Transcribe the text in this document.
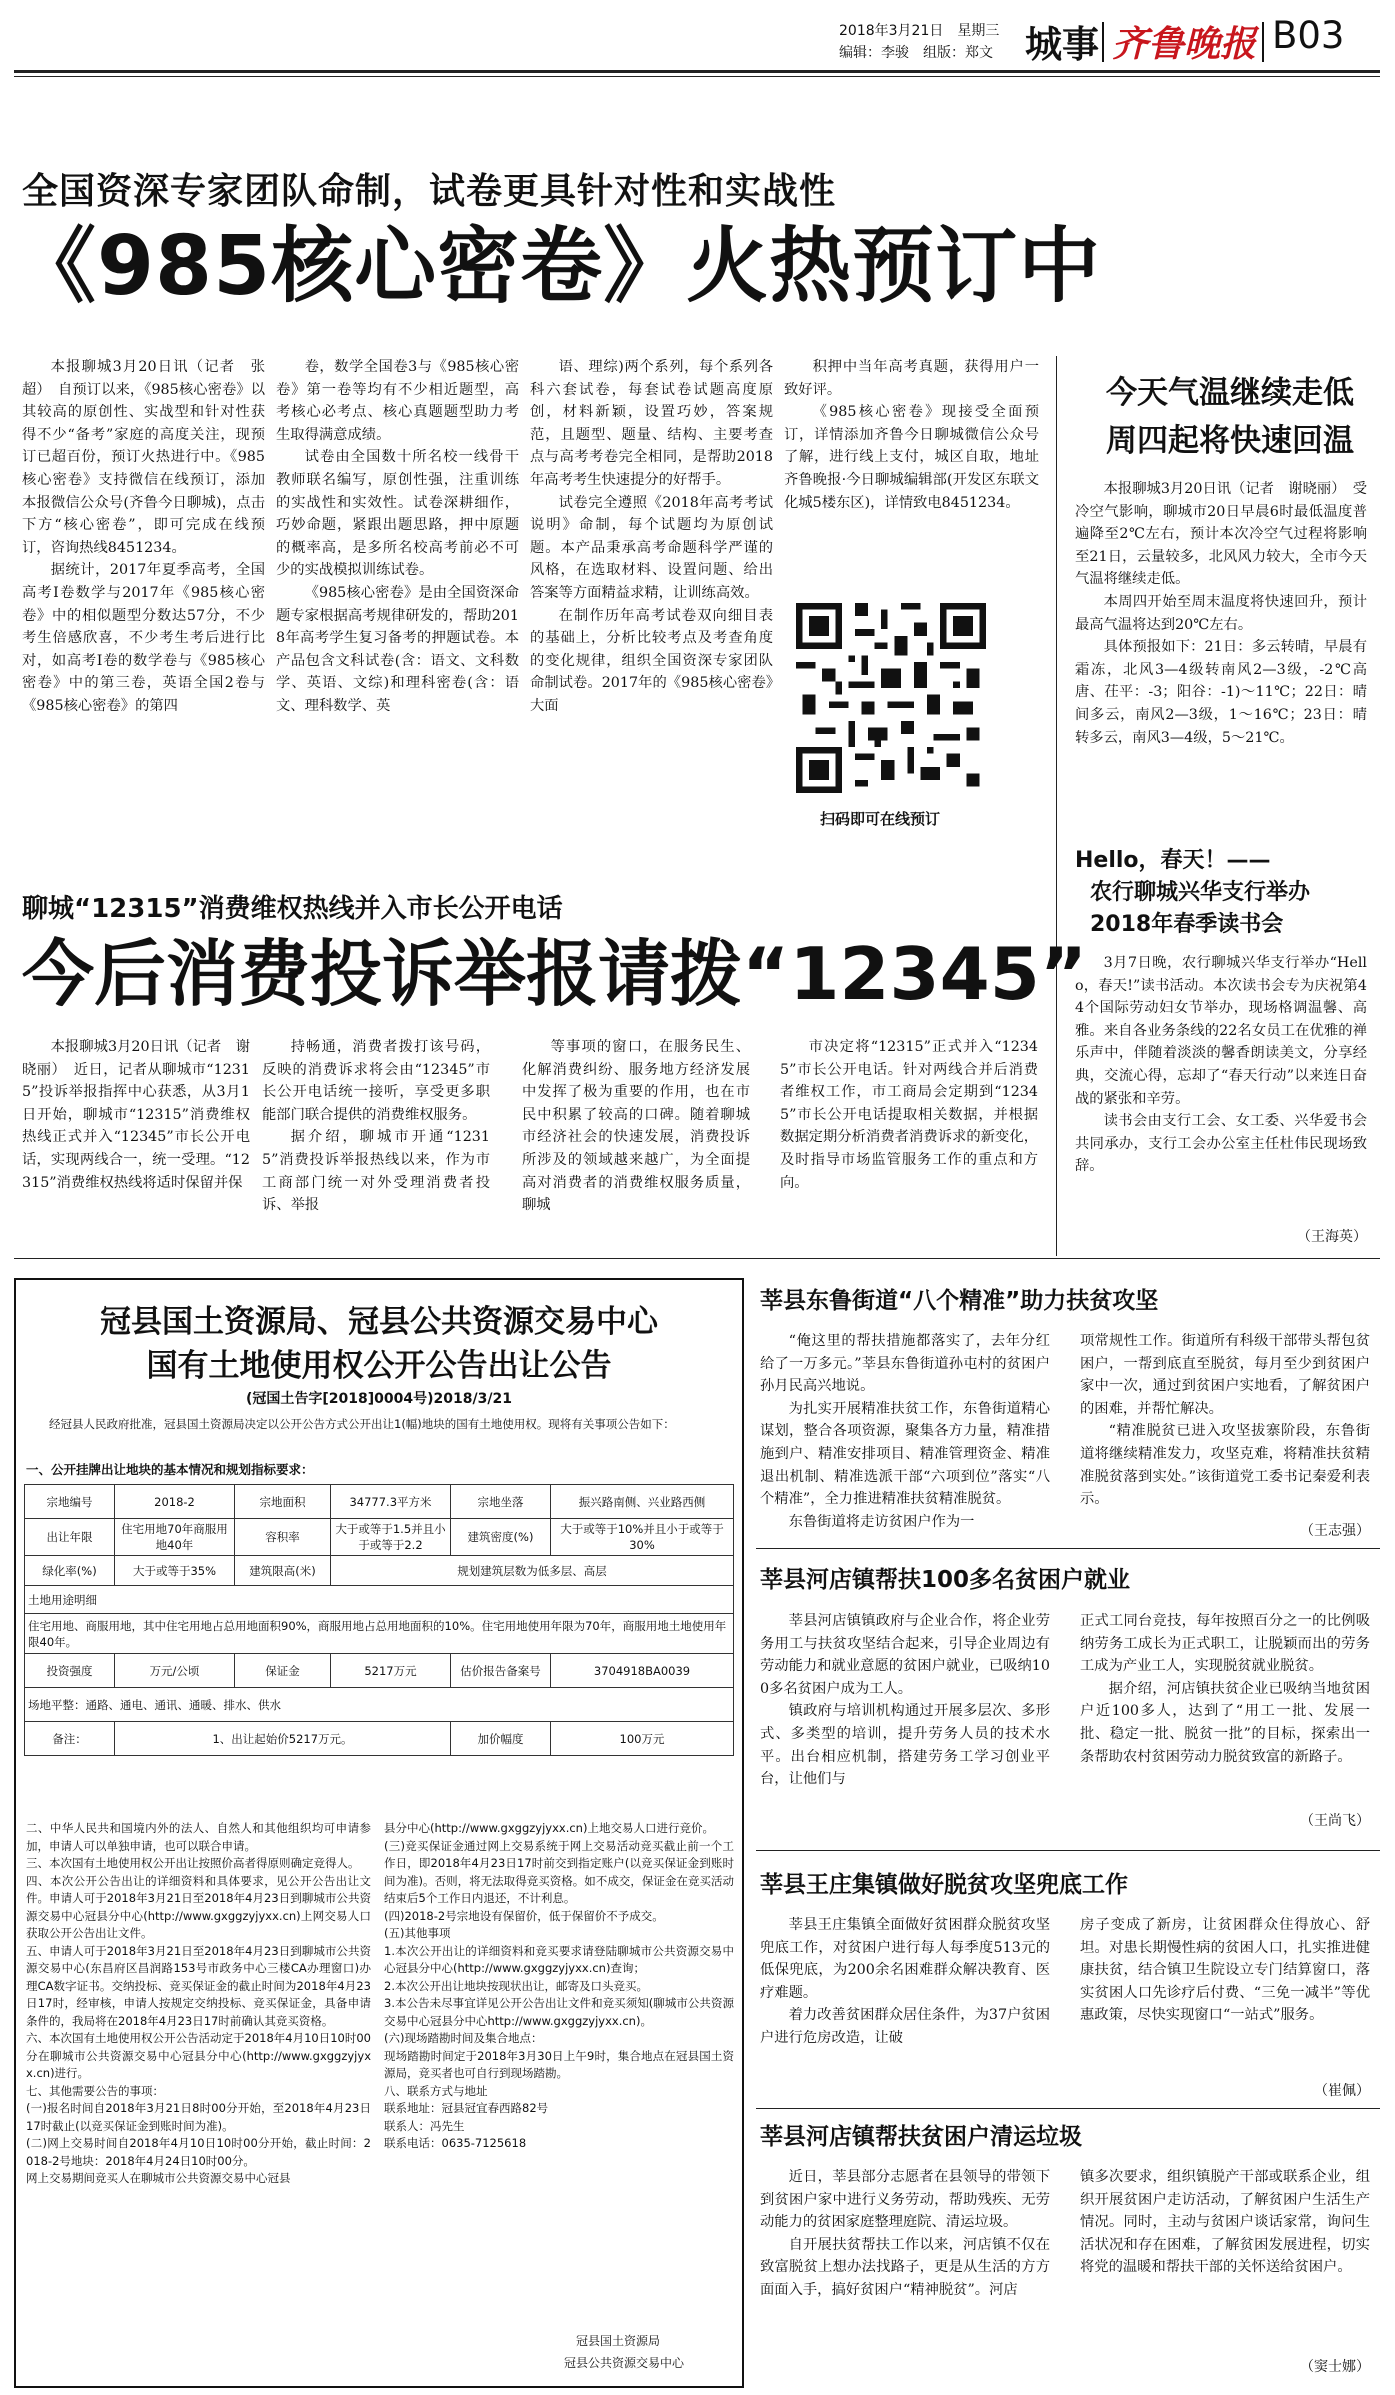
2018年3月21日　星期三
编辑：李骏　组版：郑文 城事 齐鲁晚报 B03
全国资深专家团队命制，试卷更具针对性和实战性
《985核心密卷》火热预订中

本报聊城3月20日讯（记者　张超）　自预订以来，《985核心密卷》以其较高的原创性、实战型和针对性获得不少“备考”家庭的高度关注，现预订已超百份，预订火热进行中。《985核心密卷》支持微信在线预订，添加本报微信公众号(齐鲁今日聊城)，点击下方“核心密卷”，即可完成在线预订，咨询热线8451234。

据统计，2017年夏季高考，全国高考Ⅰ卷数学与2017年《985核心密卷》中的相似题型分数达57分，不少考生倍感欣喜，不少考生考后进行比对，如高考Ⅰ卷的数学卷与《985核心密卷》中的第三卷，英语全国2卷与《985核心密卷》的第四

卷，数学全国卷3与《985核心密卷》第一卷等均有不少相近题型，高考核心必考点、核心真题题型助力考生取得满意成绩。

试卷由全国数十所名校一线骨干教师联名编写，原创性强，注重训练的实战性和实效性。试卷深耕细作，巧妙命题，紧跟出题思路，押中原题的概率高，是多所名校高考前必不可少的实战模拟训练试卷。

《985核心密卷》是由全国资深命题专家根据高考规律研发的，帮助2018年高考学生复习备考的押题试卷。本产品包含文科试卷(含：语文、文科数学、英语、文综)和理科密卷(含：语文、理科数学、英

语、理综)两个系列，每个系列各科六套试卷，每套试卷试题高度原创，材料新颖，设置巧妙，答案规范，且题型、题量、结构、主要考查点与高考考卷完全相同，是帮助2018年高考考生快速提分的好帮手。

试卷完全遵照《2018年高考考试说明》命制，每个试题均为原创试题。本产品秉承高考命题科学严谨的风格，在选取材料、设置问题、给出答案等方面精益求精，让训练高效。

在制作历年高考试卷双向细目表的基础上，分析比较考点及考查角度的变化规律，组织全国资深专家团队命制试卷。2017年的《985核心密卷》大面

积押中当年高考真题，获得用户一致好评。

《985核心密卷》现接受全面预订，详情添加齐鲁今日聊城微信公众号了解，进行线上支付，城区自取，地址齐鲁晚报·今日聊城编辑部(开发区东联文化城5楼东区)，详情致电8451234。

扫码即可在线预订
今天气温继续走低
周四起将快速回温

本报聊城3月20日讯（记者　谢晓丽）　受冷空气影响，聊城市20日早晨6时最低温度普遍降至2℃左右，预计本次冷空气过程将影响至21日，云量较多，北风风力较大，全市今天气温将继续走低。

本周四开始至周末温度将快速回升，预计最高气温将达到20℃左右。

具体预报如下：21日：多云转晴，早晨有霜冻，北风3—4级转南风2—3级，-2℃高唐、茌平：-3；阳谷：-1)～11℃；22日：晴间多云，南风2—3级，1～16℃；23日：晴转多云，南风3—4级，5～21℃。

Hello，春天！——
农行聊城兴华支行举办
2018年春季读书会

3月7日晚，农行聊城兴华支行举办“Hello，春天!”读书活动。本次读书会专为庆祝第44个国际劳动妇女节举办，现场格调温馨、高雅。来自各业务条线的22名女员工在优雅的禅乐声中，伴随着淡淡的馨香朗读美文，分享经典，交流心得，忘却了“春天行动”以来连日奋战的紧张和辛劳。

读书会由支行工会、女工委、兴华爱书会共同承办，支行工会办公室主任杜伟民现场致辞。

（王海英）
聊城“12315”消费维权热线并入市长公开电话
今后消费投诉举报请拨“12345”

本报聊城3月20日讯（记者　谢晓丽）　近日，记者从聊城市“12315”投诉举报指挥中心获悉，从3月1日开始，聊城市“12315”消费维权热线正式并入“12345”市长公开电话，实现两线合一，统一受理。“12315”消费维权热线将适时保留并保

持畅通，消费者拨打该号码，反映的消费诉求将会由“12345”市长公开电话统一接听，享受更多职能部门联合提供的消费维权服务。

据介绍，聊城市开通“12315”消费投诉举报热线以来，作为市工商部门统一对外受理消费者投诉、举报

等事项的窗口，在服务民生、化解消费纠纷、服务地方经济发展中发挥了极为重要的作用，也在市民中积累了较高的口碑。随着聊城市经济社会的快速发展，消费投诉所涉及的领域越来越广，为全面提高对消费者的消费维权服务质量，聊城

市决定将“12315”正式并入“12345”市长公开电话。针对两线合并后消费者维权工作，市工商局会定期到“12345”市长公开电话提取相关数据，并根据数据定期分析消费者消费诉求的新变化，及时指导市场监管服务工作的重点和方向。

冠县国土资源局、冠县公共资源交易中心
国有土地使用权公开公告出让公告
(冠国土告字[2018]0004号)2018/3/21
经冠县人民政府批准，冠县国土资源局决定以公开公告方式公开出让1(幅)地块的国有土地使用权。现将有关事项公告如下：
一、公开挂牌出让地块的基本情况和规划指标要求：
宗地编号	2018-2	宗地面积	34777.3平方米	宗地坐落	振兴路南侧、兴业路西侧
出让年限	住宅用地70年商服用地40年	容积率	大于或等于1.5并且小于或等于2.2	建筑密度(%)	大于或等于10%并且小于或等于30%
绿化率(%)	大于或等于35%	建筑限高(米)	规划建筑层数为低多层、高层		
土地用途明细					
住宅用地、商服用地，其中住宅用地占总用地面积90%，商服用地占总用地面积的10%。住宅用地使用年限为70年，商服用地土地使用年限40年。					
投资强度	万元/公顷	保证金	5217万元	估价报告备案号	3704918BA0039
场地平整：通路、通电、通讯、通暖、排水、供水					
备注：	1、出让起始价5217万元。			加价幅度	100万元
二、中华人民共和国境内外的法人、自然人和其他组织均可申请参加，申请人可以单独申请，也可以联合申请。
三、本次国有土地使用权公开出让按照价高者得原则确定竞得人。
四、本次公开公告出让的详细资料和具体要求，见公开公告出让文件。申请人可于2018年3月21日至2018年4月23日到聊城市公共资源交易中心冠县分中心(http://www.gxggzyjyxx.cn)上网交易人口获取公开公告出让文件。
五、申请人可于2018年3月21日至2018年4月23日到聊城市公共资源交易中心(东昌府区昌润路153号市政务中心三楼CA办理窗口)办理CA数字证书。交纳投标、竞买保证金的截止时间为2018年4月23日17时，经审核，申请人按规定交纳投标、竞买保证金，具备申请条件的，我局将在2018年4月23日17时前确认其竞买资格。
六、本次国有土地使用权公开公告活动定于2018年4月10日10时00分在聊城市公共资源交易中心冠县分中心(http://www.gxggzyjyxx.cn)进行。
七、其他需要公告的事项：
(一)报名时间自2018年3月21日8时00分开始，至2018年4月23日17时截止(以竞买保证金到账时间为准)。
(二)网上交易时间自2018年4月10日10时00分开始，截止时间：2018-2号地块：2018年4月24日10时00分。
网上交易期间竞买人在聊城市公共资源交易中心冠县
县分中心(http://www.gxggzyjyxx.cn)上地交易人口进行竞价。
(三)竞买保证金通过网上交易系统于网上交易活动竞买截止前一个工作日，即2018年4月23日17时前交到指定账户(以竞买保证金到账时间为准)。否则，将无法取得竞买资格。如不成交，保证金在竞买活动结束后5个工作日内退还，不计利息。
(四)2018-2号宗地设有保留价，低于保留价不予成交。
(五)其他事项
1.本次公开出让的详细资料和竞买要求请登陆聊城市公共资源交易中心冠县分中心(http://www.gxggzyjyxx.cn)查询；
2.本次公开出让地块按现状出让，邮寄及口头竞买。
3.本公告未尽事宜详见公开公告出让文件和竞买须知(聊城市公共资源交易中心冠县分中心http://www.gxggzyjyxx.cn)。
(六)现场踏勘时间及集合地点：
现场踏勘时间定于2018年3月30日上午9时，集合地点在冠县国土资源局，竞买者也可自行到现场踏勘。
八、联系方式与地址
联系地址：冠县冠宜春西路82号
联系人：冯先生
联系电话：0635-7125618
冠县国土资源局
冠县公共资源交易中心
莘县东鲁街道“八个精准”助力扶贫攻坚

“俺这里的帮扶措施都落实了，去年分红给了一万多元。”莘县东鲁街道孙屯村的贫困户孙月民高兴地说。

为扎实开展精准扶贫工作，东鲁街道精心谋划，整合各项资源，聚集各方力量，精准措施到户、精准安排项目、精准管理资金、精准退出机制、精准选派干部“六项到位”落实“八个精准”，全力推进精准扶贫精准脱贫。

东鲁街道将走访贫困户作为一

项常规性工作。街道所有科级干部带头帮包贫困户，一帮到底直至脱贫，每月至少到贫困户家中一次，通过到贫困户实地看，了解贫困户的困难，并帮忙解决。

“精准脱贫已进入攻坚拔寨阶段，东鲁街道将继续精准发力，攻坚克难，将精准扶贫精准脱贫落到实处。”该街道党工委书记秦爱利表示。

（王志强）
莘县河店镇帮扶100多名贫困户就业

莘县河店镇镇政府与企业合作，将企业劳务用工与扶贫攻坚结合起来，引导企业周边有劳动能力和就业意愿的贫困户就业，已吸纳100多名贫困户成为工人。

镇政府与培训机构通过开展多层次、多形式、多类型的培训，提升劳务人员的技术水平。出台相应机制，搭建劳务工学习创业平台，让他们与

正式工同台竞技，每年按照百分之一的比例吸纳劳务工成长为正式职工，让脱颖而出的劳务工成为产业工人，实现脱贫就业脱贫。

据介绍，河店镇扶贫企业已吸纳当地贫困户近100多人，达到了“用工一批、发展一批、稳定一批、脱贫一批”的目标，探索出一条帮助农村贫困劳动力脱贫致富的新路子。

（王尚飞）
莘县王庄集镇做好脱贫攻坚兜底工作

莘县王庄集镇全面做好贫困群众脱贫攻坚兜底工作，对贫困户进行每人每季度513元的低保兜底，为200余名困难群众解决教育、医疗难题。

着力改善贫困群众居住条件，为37户贫困户进行危房改造，让破

房子变成了新房，让贫困群众住得放心、舒坦。对患长期慢性病的贫困人口，扎实推进健康扶贫，结合镇卫生院设立专门结算窗口，落实贫困人口先诊疗后付费、“三免一减半”等优惠政策，尽快实现窗口“一站式”服务。

（崔佩）
莘县河店镇帮扶贫困户清运垃圾

近日，莘县部分志愿者在县领导的带领下到贫困户家中进行义务劳动，帮助残疾、无劳动能力的贫困家庭整理庭院、清运垃圾。

自开展扶贫帮扶工作以来，河店镇不仅在致富脱贫上想办法找路子，更是从生活的方方面面入手，搞好贫困户“精神脱贫”。河店

镇多次要求，组织镇脱产干部或联系企业，组织开展贫困户走访活动，了解贫困户生活生产情况。同时，主动与贫困户谈话家常，询问生活状况和存在困难，了解贫困发展进程，切实将党的温暖和帮扶干部的关怀送给贫困户。

（窦士娜）
